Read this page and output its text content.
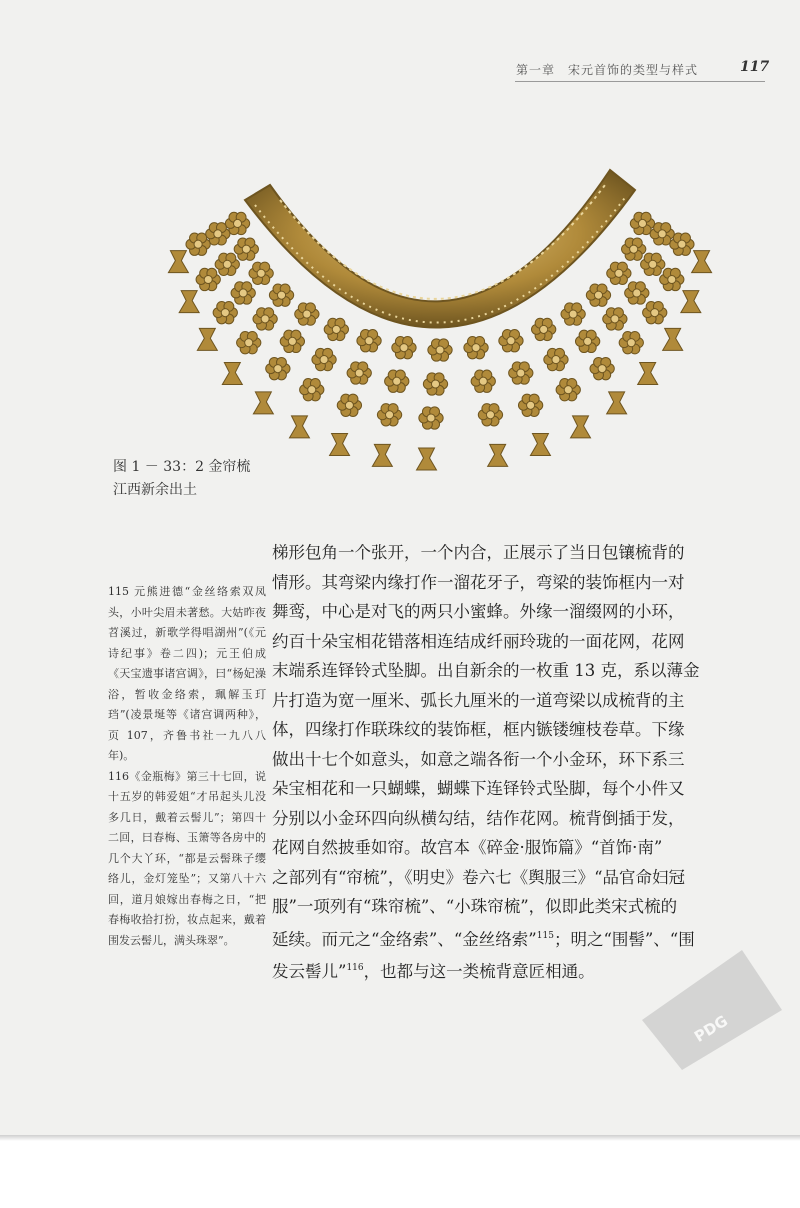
第一章　宋元首饰的类型与样式	117
图 1 － 33：2 金帘梳
江西新余出土

115 元熊进德“金丝络索双凤头，小叶尖眉未著愁。大姑昨夜苕溪过，新歌学得唱湖州”(《元诗纪事》卷二四)；元王伯成《天宝遗事诸宫调》，曰“杨妃澡浴，暂收金络索，珮解玉玎珰”(凌景埏等《诸宫调两种》，页 107，齐鲁书社一九八八年)。

116《金瓶梅》第三十七回，说十五岁的韩爱姐“才吊起头儿没多几日，戴着云髻儿”；第四十二回，曰春梅、玉箫等各房中的几个大丫环，“都是云髻珠子缨络儿，金灯笼坠”；又第八十六回，道月娘嫁出春梅之日，“把春梅收拾打扮，妆点起来，戴着围发云髻儿，满头珠翠”。

梯形包角一个张开，一个内合，正展示了当日包镶梳背的

情形。其弯梁内缘打作一溜花牙子，弯梁的装饰框内一对

舞鸾，中心是对飞的两只小蜜蜂。外缘一溜缀网的小环，

约百十朵宝相花错落相连结成纤丽玲珑的一面花网，花网

末端系连铎铃式坠脚。出自新余的一枚重 13 克，系以薄金

片打造为宽一厘米、弧长九厘米的一道弯梁以成梳背的主

体，四缘打作联珠纹的装饰框，框内镞镂缠枝卷草。下缘

做出十七个如意头，如意之端各衔一个小金环，环下系三

朵宝相花和一只蝴蝶，蝴蝶下连铎铃式坠脚，每个小件又

分别以小金环四向纵横勾结，结作花网。梳背倒插于发，

花网自然披垂如帘。故宫本《碎金·服饰篇》“首饰·南”

之部列有“帘梳”，《明史》卷六七《舆服三》“品官命妇冠

服”一项列有“珠帘梳”、“小珠帘梳”，似即此类宋式梳的

延续。而元之“金络索”、“金丝络索”$^{115}$；明之“围髻”、“围

发云髻儿”$^{116}$，也都与这一类梳背意匠相通。

PDG
